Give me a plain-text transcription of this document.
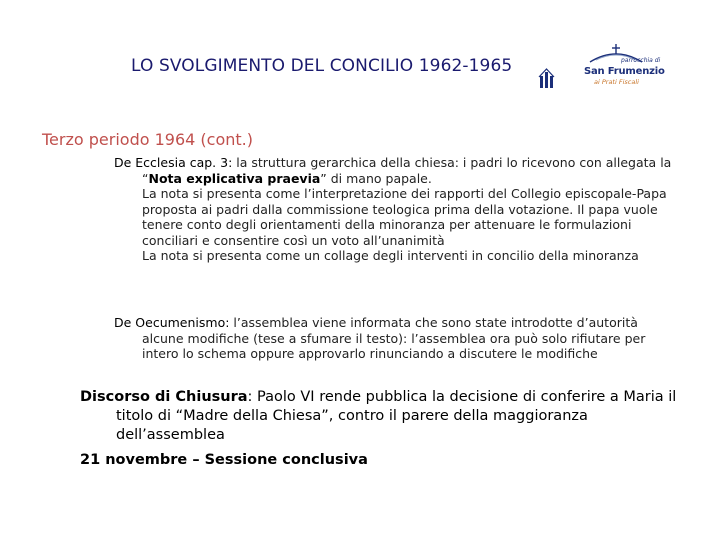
LO SVOLGIMENTO DEL CONCILIO 1962-1965	parrocchia di
San Frumenzio
ai Prati Fiscali
Terzo periodo 1964 (cont.)
De Ecclesia cap. 3: la struttura gerarchica della chiesa: i padri lo ricevono con allegata la “Nota explicativa praevia” di mano papale.
La nota si presenta come l’interpretazione dei rapporti del Collegio episcopale-Papa proposta ai padri dalla commissione teologica prima della votazione. Il papa vuole tenere conto degli orientamenti della minoranza per attenuare le formulazioni conciliari e consentire così un voto all’unanimità
La nota si presenta come un collage degli interventi in concilio della minoranza
De Oecumenismo: l’assemblea viene informata che sono state introdotte d’autorità alcune modifiche (tese a sfumare il testo): l’assemblea ora può solo rifiutare per intero lo schema oppure approvarlo rinunciando a discutere le modifiche
Discorso di Chiusura: Paolo VI rende pubblica la decisione di conferire a Maria il titolo di “Madre della Chiesa”, contro il parere della maggioranza dell’assemblea
21 novembre – Sessione conclusiva
